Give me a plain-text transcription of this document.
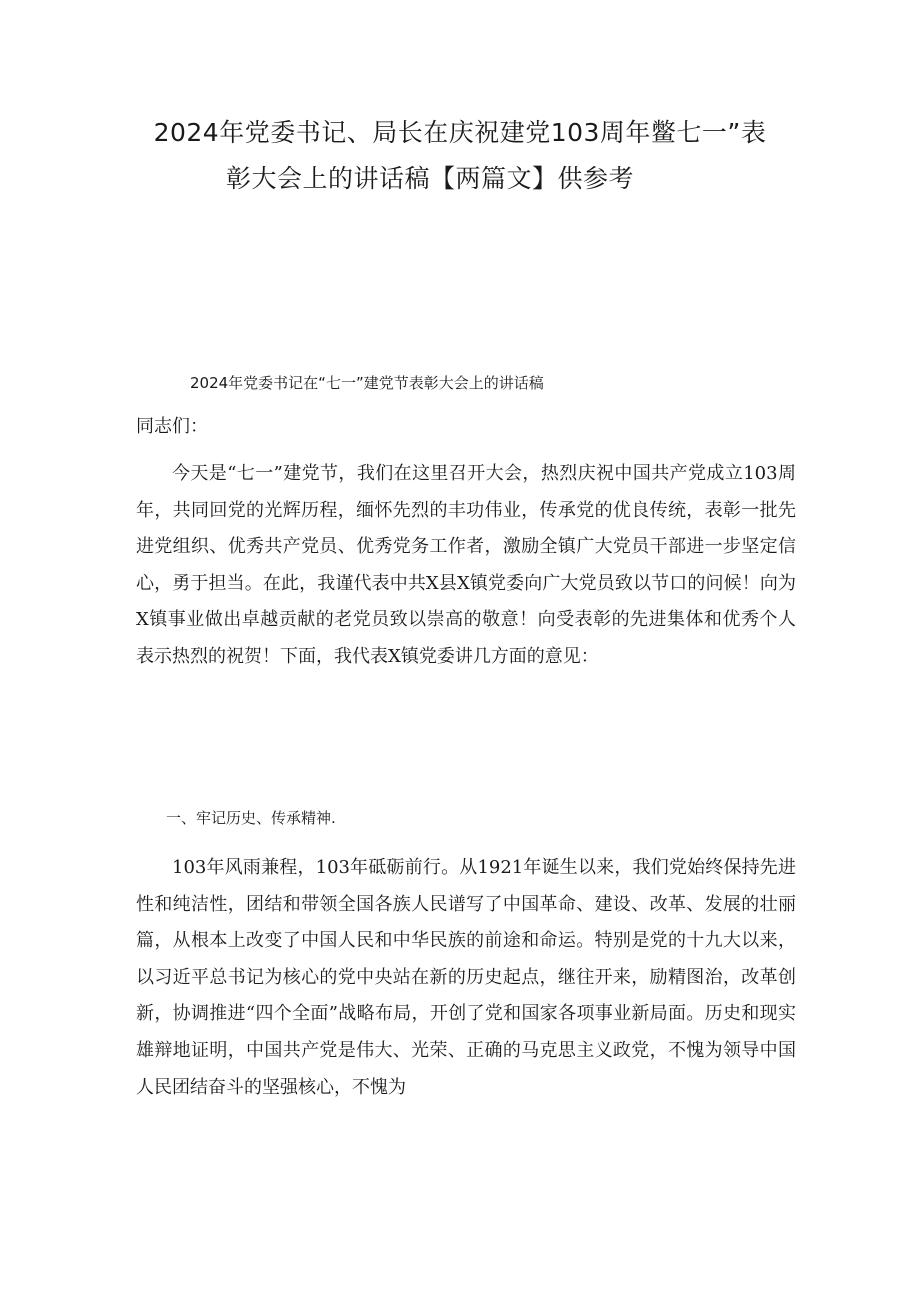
2024年党委书记、局长在庆祝建党103周年鳖七一”表
彰大会上的讲话稿【两篇文】供参考
2024年党委书记在“七一”建党节表彰大会上的讲话稿

同志们：

今天是“七一”建党节，我们在这里召开大会，热烈庆祝中国共产党成立103周年，共同回党的光辉历程，缅怀先烈的丰功伟业，传承党的优良传统，表彰一批先进党组织、优秀共产党员、优秀党务工作者，激励全镇广大党员干部进一步坚定信心，勇于担当。在此，我谨代表中共X县X镇党委向广大党员致以节口的问候！向为X镇事业做出卓越贡献的老党员致以崇高的敬意！向受表彰的先进集体和优秀个人表示热烈的祝贺！下面，我代表X镇党委讲几方面的意见：

一、牢记历史、传承精神.

103年风雨兼程，103年砥砺前行。从1921年诞生以来，我们党始终保持先进性和纯洁性，团结和带领全国各族人民谱写了中国革命、建设、改革、发展的壮丽篇，从根本上改变了中国人民和中华民族的前途和命运。特别是党的十九大以来，以习近平总书记为核心的党中央站在新的历史起点，继往开来，励精图治，改革创新，协调推进“四个全面”战略布局，开创了党和国家各项事业新局面。历史和现实雄辩地证明，中国共产党是伟大、光荣、正确的马克思主义政党，不愧为领导中国人民团结奋斗的坚强核心，不愧为
